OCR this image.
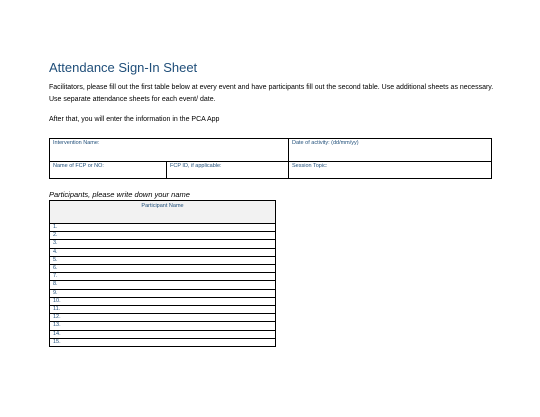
Attendance Sign-In Sheet

Facilitators, please fill out the first table below at every event and have participants fill out the second table. Use additional sheets as necessary. Use separate attendance sheets for each event/ date.

After that, you will enter the information in the PCA App

Intervention Name:		Date of activity: (dd/mm/yy)
Name of FCP or NO:	FCP ID, if applicable:	Session Topic:

Participants, please write down your name

Participant Name
1.
2.
3.
4.
5.
6.
7.
8.
9.
10.
11.
12.
13.
14.
15.
